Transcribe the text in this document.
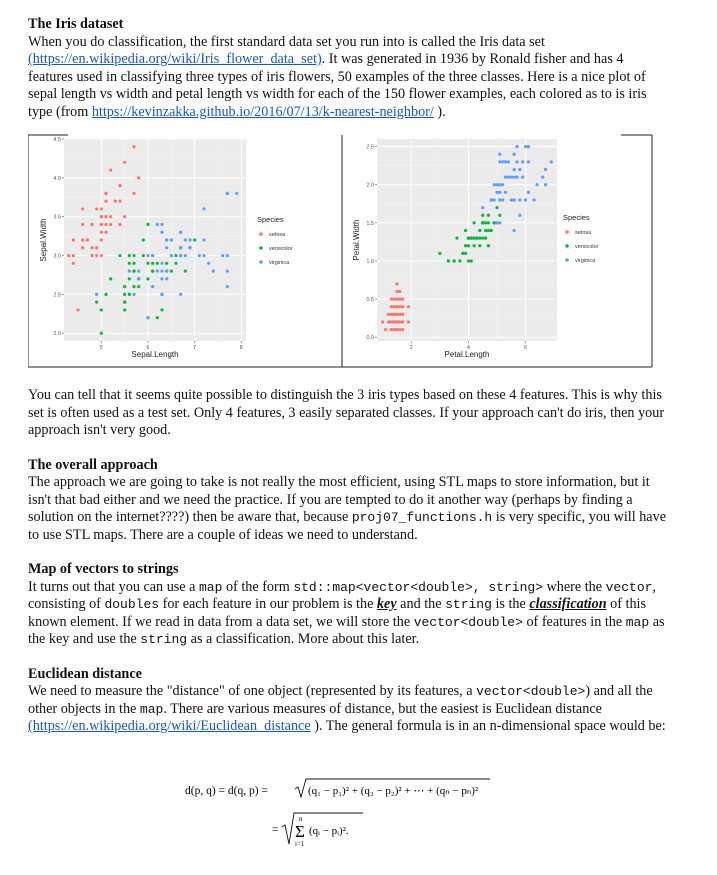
The Iris dataset

When you do classification, the first standard data set you run into is called the Iris data set (https://en.wikipedia.org/wiki/Iris_flower_data_set). It was generated in 1936 by Ronald fisher and has 4 features used in classifying three types of iris flowers, 50 examples of the three classes. Here is a nice plot of sepal length vs width and petal length vs width for each of the 150 flower examples, each colored as to is iris type (from https://kevinzakka.github.io/2016/07/13/k-nearest-neighbor/ ).

5	6	7	8
2.0
2.5
3.0
3.5
4.0
4.5
Sepal.Length
Sepal.Width	Species
setosa
versicolor
virginica
2	4	6
0.0
0.5
1.0
1.5
2.0
2.5
Petal.Length
Petal.Width
Species
setosa
versicolor
virginica

You can tell that it seems quite possible to distinguish the 3 iris types based on these 4 features. This is why this set is often used as a test set. Only 4 features, 3 easily separated classes. If your approach can't do iris, then your approach isn't very good.

The overall approach

The approach we are going to take is not really the most efficient, using STL maps to store information, but it isn't that bad either and we need the practice. If you are tempted to do it another way (perhaps by finding a solution on the internet????) then be aware that, because proj07_functions.h is very specific, you will have to use STL maps. There are a couple of ideas we need to understand.

Map of vectors to strings

It turns out that you can use a map of the form std::map<vector<double>, string> where the vector, consisting of doubles for each feature in our problem is the key and the string is the classification of this known element. If we read in data from a data set, we will store the vector<double> of features in the map as the key and use the string as a classification. More about this later.

Euclidean distance

We need to measure the "distance" of one object (represented by its features, a vector<double>) and all the other objects in the map. There are various measures of distance, but the easiest is Euclidean distance (https://en.wikipedia.org/wiki/Euclidean_distance ). The general formula is in an n-dimensional space would be:

d(p, q) = d(q, p) =	(q₁ − p₁)² + (q₂ − p₂)² + ⋯ + (qₙ − pₙ)²
=
n
Σ
i=1
(qᵢ − pᵢ)².
